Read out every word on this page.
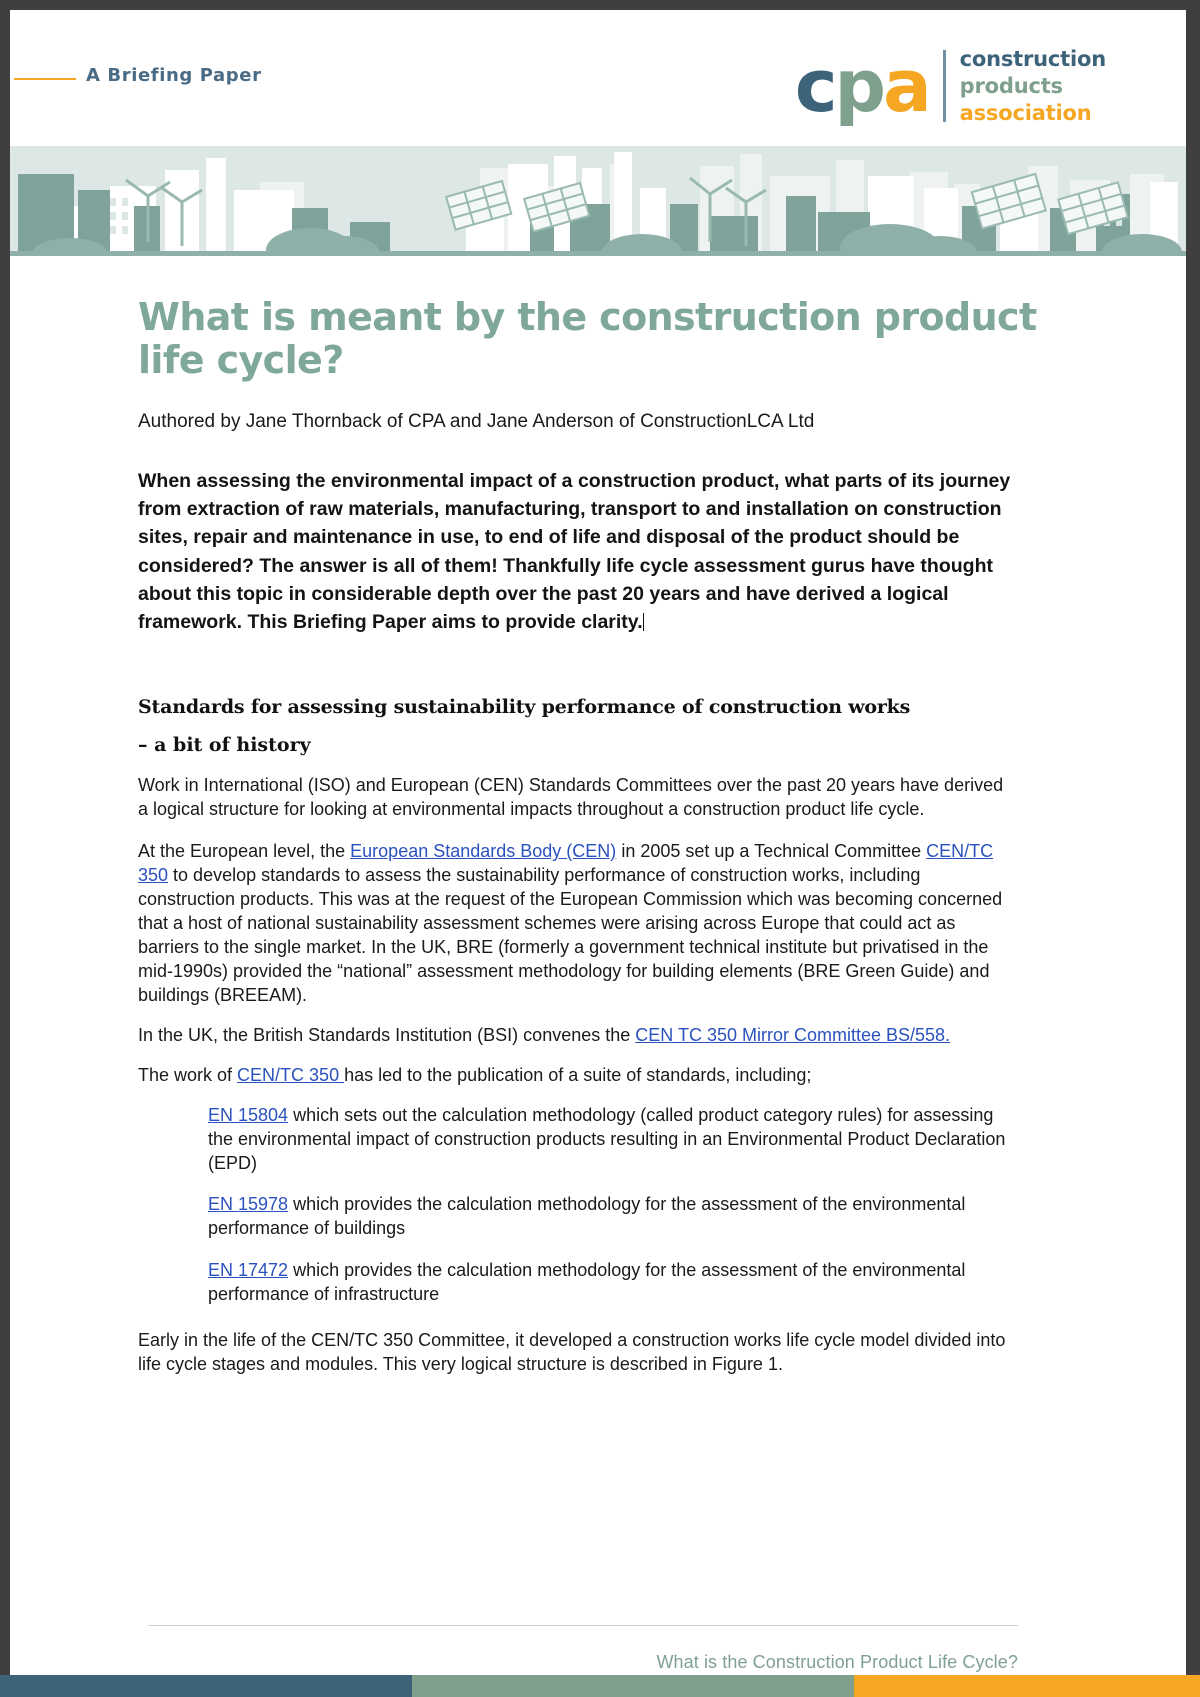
A Briefing Paper	cpa construction
products
association
What is meant by the construction product life cycle?

Authored by Jane Thornback of CPA and Jane Anderson of ConstructionLCA Ltd

When assessing the environmental impact of a construction product, what parts of its journey from extraction of raw materials, manufacturing, transport to and installation on construction sites, repair and maintenance in use, to end of life and disposal of the product should be considered? The answer is all of them! Thankfully life cycle assessment gurus have thought about this topic in considerable depth over the past 20 years and have derived a logical framework. This Briefing Paper aims to provide clarity.

Standards for assessing sustainability performance of construction works
– a bit of history

Work in International (ISO) and European (CEN) Standards Committees over the past 20 years have derived a logical structure for looking at environmental impacts throughout a construction product life cycle.

At the European level, the European Standards Body (CEN) in 2005 set up a Technical Committee CEN/TC 350 to develop standards to assess the sustainability performance of construction works, including construction products. This was at the request of the European Commission which was becoming concerned that a host of national sustainability assessment schemes were arising across Europe that could act as barriers to the single market. In the UK, BRE (formerly a government technical institute but privatised in the mid-1990s) provided the “national” assessment methodology for building elements (BRE Green Guide) and buildings (BREEAM).

In the UK, the British Standards Institution (BSI) convenes the CEN TC 350 Mirror Committee BS/558.

The work of CEN/TC 350 has led to the publication of a suite of standards, including;

EN 15804 which sets out the calculation methodology (called product category rules) for assessing the environmental impact of construction products resulting in an Environmental Product Declaration (EPD)
EN 15978 which provides the calculation methodology for the assessment of the environmental performance of buildings
EN 17472 which provides the calculation methodology for the assessment of the environmental performance of infrastructure

Early in the life of the CEN/TC 350 Committee, it developed a construction works life cycle model divided into life cycle stages and modules. This very logical structure is described in Figure 1.

What is the Construction Product Life Cycle?
